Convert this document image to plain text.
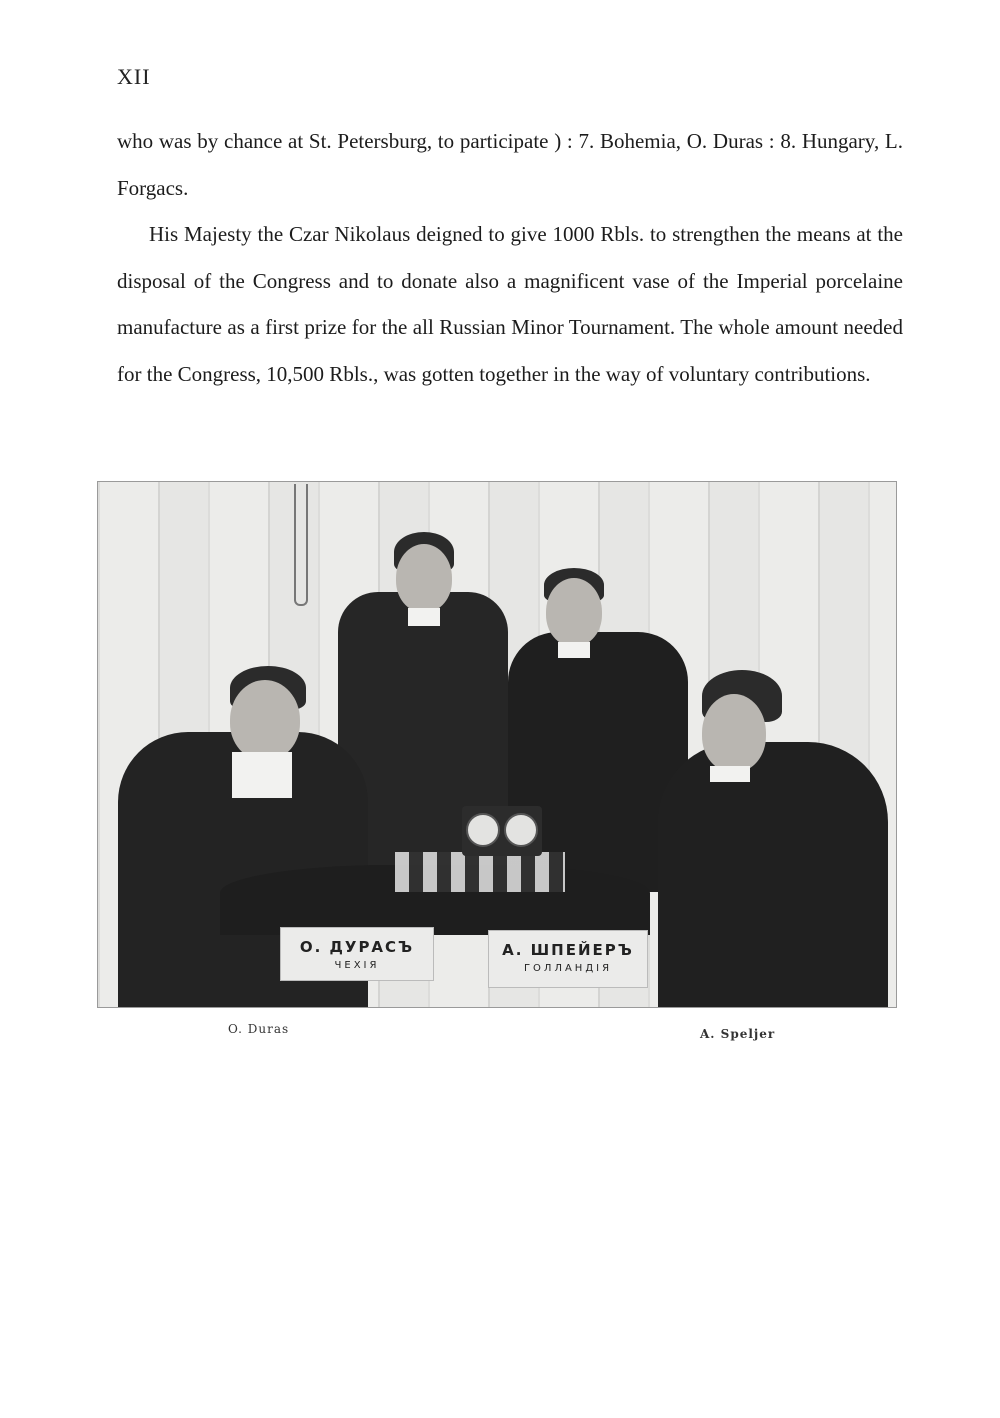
XII
who was by chance at St. Petersburg, to participate ) : 7. Bohemia, O. Duras : 8. Hungary, L. Forgacs.
His Majesty the Czar Nikolaus deigned to give 1000 Rbls. to strengthen the means at the disposal of the Congress and to donate also a magnificent vase of the Imperial porcelaine manufacture as a first prize for the all Russian Minor Tournament. The whole amount needed for the Congress, 10,500 Rbls., was gotten together in the way of voluntary contributions.
О. ДУРАСЪ
ЧЕХІЯ
А. ШПЕЙЕРЪ
ГОЛЛАНДІЯ
O. Duras	A. Speljer
